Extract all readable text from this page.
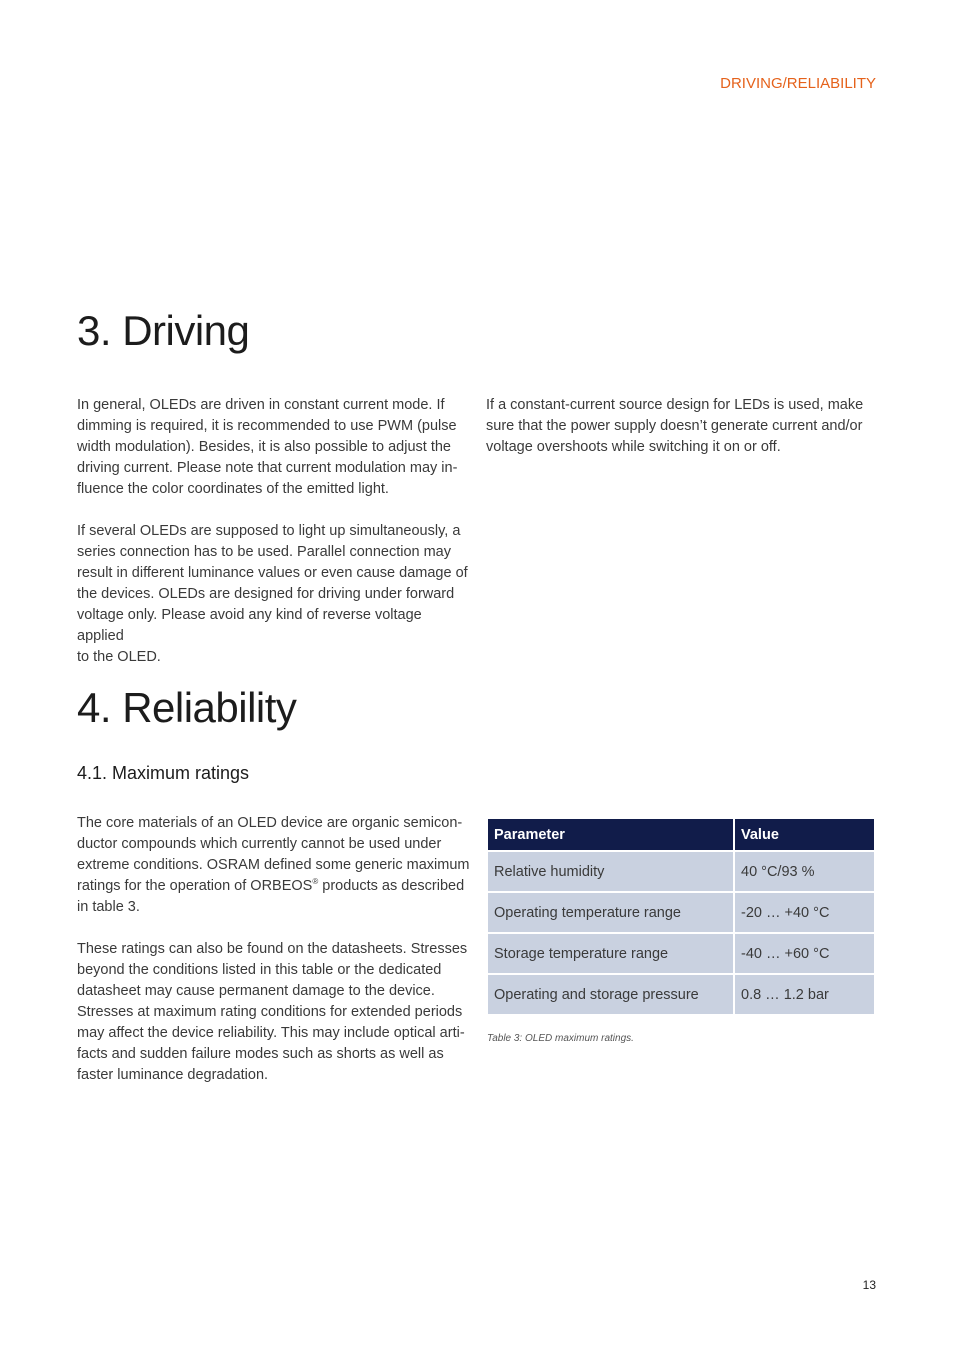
DRIVING/RELIABILITY
3. Driving

In general, OLEDs are driven in constant current mode. If
dimming is required, it is recommended to use PWM (pulse
width modulation). Besides, it is also possible to adjust the
driving current. Please note that current modulation may in-
fluence the color coordinates of the emitted light.

If several OLEDs are supposed to light up simultaneously, a
series connection has to be used. Parallel connection may
result in different luminance values or even cause damage of
the devices. OLEDs are designed for driving under forward
voltage only. Please avoid any kind of reverse voltage applied
to the OLED.

If a constant-current source design for LEDs is used, make
sure that the power supply doesn’t generate current and/or
voltage overshoots while switching it on or off.

4. Reliability
4.1. Maximum ratings

The core materials of an OLED device are organic semicon-
ductor compounds which currently cannot be used under
extreme conditions. OSRAM defined some generic maximum
ratings for the operation of ORBEOS® products as described
in table 3.

These ratings can also be found on the datasheets. Stresses
beyond the conditions listed in this table or the dedicated
datasheet may cause permanent damage to the device.
Stresses at maximum rating conditions for extended periods
may affect the device reliability. This may include optical arti-
facts and sudden failure modes such as shorts as well as
faster luminance degradation.

Parameter	Value
Relative humidity	40 °C/93 %
Operating temperature range	-20 … +40 °C
Storage temperature range	-40 … +60 °C
Operating and storage pressure	0.8 … 1.2 bar
Table 3: OLED maximum ratings.
13
